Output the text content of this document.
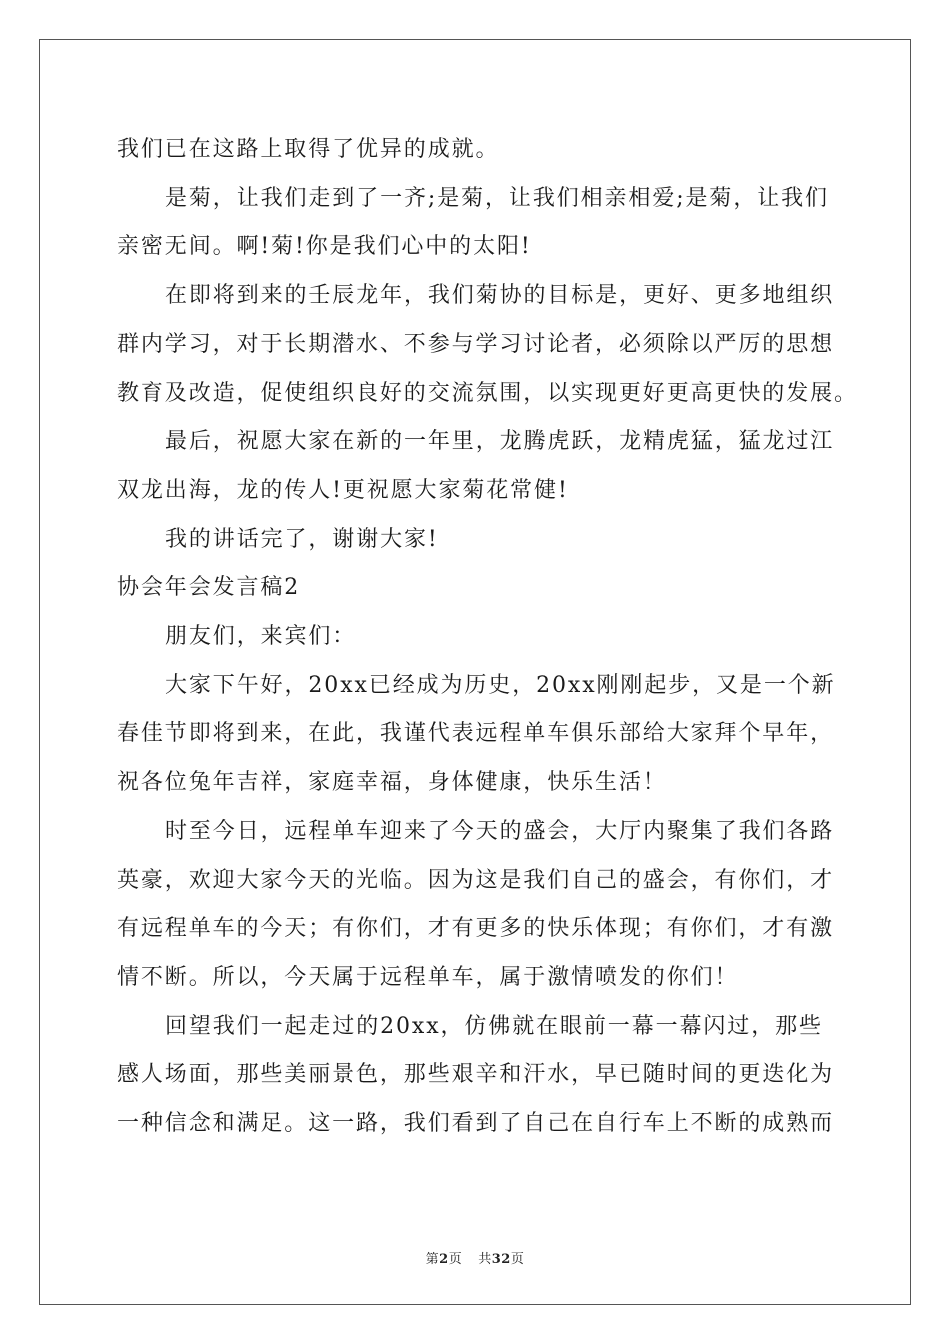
我们已在这路上取得了优异的成就。

是菊，让我们走到了一齐;是菊，让我们相亲相爱;是菊，让我们

亲密无间。啊!菊!你是我们心中的太阳!

在即将到来的壬辰龙年，我们菊协的目标是，更好、更多地组织

群内学习，对于长期潜水、不参与学习讨论者，必须除以严厉的思想

教育及改造，促使组织良好的交流氛围，以实现更好更高更快的发展。

最后，祝愿大家在新的一年里，龙腾虎跃，龙精虎猛，猛龙过江

双龙出海，龙的传人!更祝愿大家菊花常健!

我的讲话完了，谢谢大家!

协会年会发言稿2

朋友们，来宾们：

大家下午好，20xx已经成为历史，20xx刚刚起步，又是一个新

春佳节即将到来，在此，我谨代表远程单车俱乐部给大家拜个早年，

祝各位兔年吉祥，家庭幸福，身体健康，快乐生活！

时至今日，远程单车迎来了今天的盛会，大厅内聚集了我们各路

英豪，欢迎大家今天的光临。因为这是我们自己的盛会，有你们，才

有远程单车的今天；有你们，才有更多的快乐体现；有你们，才有激

情不断。所以，今天属于远程单车，属于激情喷发的你们！

回望我们一起走过的20xx，仿佛就在眼前一幕一幕闪过，那些

感人场面，那些美丽景色，那些艰辛和汗水，早已随时间的更迭化为

一种信念和满足。这一路，我们看到了自己在自行车上不断的成熟而

第2页 共32页
